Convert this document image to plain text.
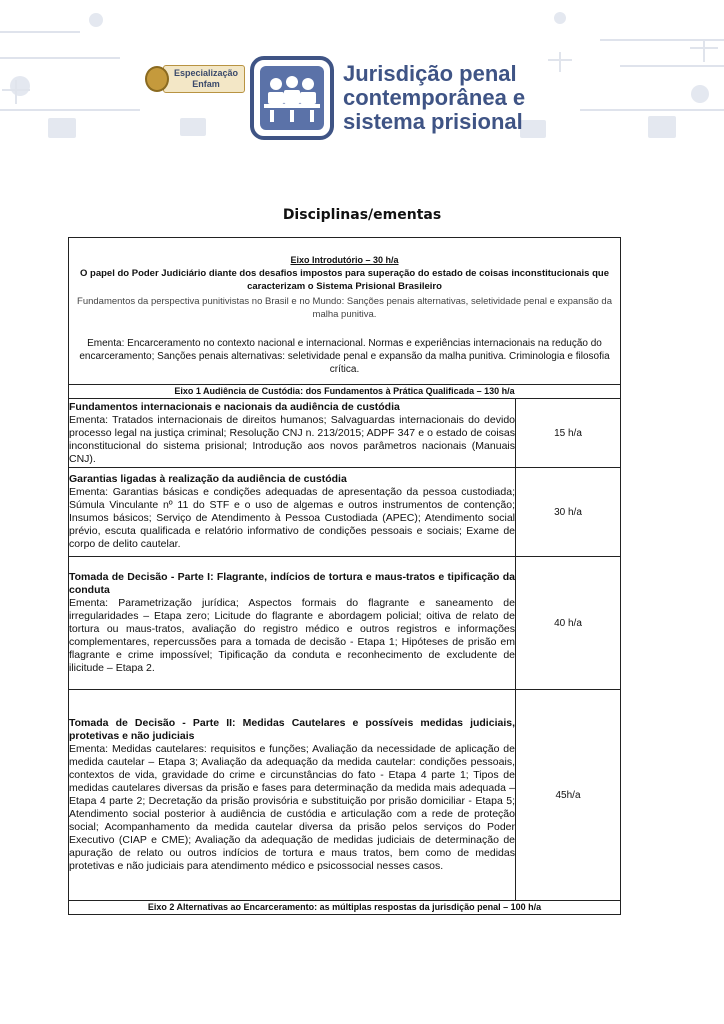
Especialização
Enfam	Jurisdição penal
contemporânea e
sistema prisional
Disciplinas/ementas
Eixo Introdutório – 30 h/a
O papel do Poder Judiciário diante dos desafios impostos para superação do estado de coisas inconstitucionais que caracterizam o Sistema Prisional Brasileiro
Fundamentos da perspectiva punitivistas no Brasil e no Mundo: Sanções penais alternativas, seletividade penal e expansão da malha punitiva.
Ementa: Encarceramento no contexto nacional e internacional. Normas e experiências internacionais na redução do encarceramento; Sanções penais alternativas: seletividade penal e expansão da malha punitiva. Criminologia e filosofia crítica.	

Eixo 1 Audiência de Custódia: dos Fundamentos à Prática Qualificada – 130 h/a	

Fundamentos internacionais e nacionais da audiência de custódia
Ementa: Tratados internacionais de direitos humanos; Salvaguardas internacionais do devido processo legal na justiça criminal; Resolução CNJ n. 213/2015; ADPF 347 e o estado de coisas inconstitucional do sistema prisional; Introdução aos novos parâmetros nacionais (Manuais CNJ).	15 h/a

Garantias ligadas à realização da audiência de custódia
Ementa: Garantias básicas e condições adequadas de apresentação da pessoa custodiada; Súmula Vinculante nº 11 do STF e o uso de algemas e outros instrumentos de contenção; Insumos básicos; Serviço de Atendimento à Pessoa Custodiada (APEC); Atendimento social prévio, escuta qualificada e relatório informativo de condições pessoais e sociais; Exame de corpo de delito cautelar.	30 h/a

Tomada de Decisão - Parte I: Flagrante, indícios de tortura e maus-tratos e tipificação da conduta
Ementa: Parametrização jurídica; Aspectos formais do flagrante e saneamento de irregularidades – Etapa zero; Licitude do flagrante e abordagem policial; oitiva de relato de tortura ou maus-tratos, avaliação do registro médico e outros registros e informações complementares, repercussões para a tomada de decisão - Etapa 1; Hipóteses de prisão em flagrante e crime impossível; Tipificação da conduta e reconhecimento de excludente de ilicitude – Etapa 2.	40 h/a

Tomada de Decisão - Parte II: Medidas Cautelares e possíveis medidas judiciais, protetivas e não judiciais
Ementa: Medidas cautelares: requisitos e funções; Avaliação da necessidade de aplicação de medida cautelar – Etapa 3; Avaliação da adequação da medida cautelar: condições pessoais, contextos de vida, gravidade do crime e circunstâncias do fato - Etapa 4 parte 1; Tipos de medidas cautelares diversas da prisão e fases para determinação da medida mais adequada – Etapa 4 parte 2; Decretação da prisão provisória e substituição por prisão domiciliar - Etapa 5; Atendimento social posterior à audiência de custódia e articulação com a rede de proteção social; Acompanhamento da medida cautelar diversa da prisão pelos serviços do Poder Executivo (CIAP e CME); Avaliação da adequação de medidas judiciais de determinação de apuração de relato ou outros indícios de tortura e maus tratos, bem como de medidas protetivas e não judiciais para atendimento médico e psicossocial nesses casos.	45h/a
Eixo 2 Alternativas ao Encarceramento: as múltiplas respostas da jurisdição penal – 100 h/a	
